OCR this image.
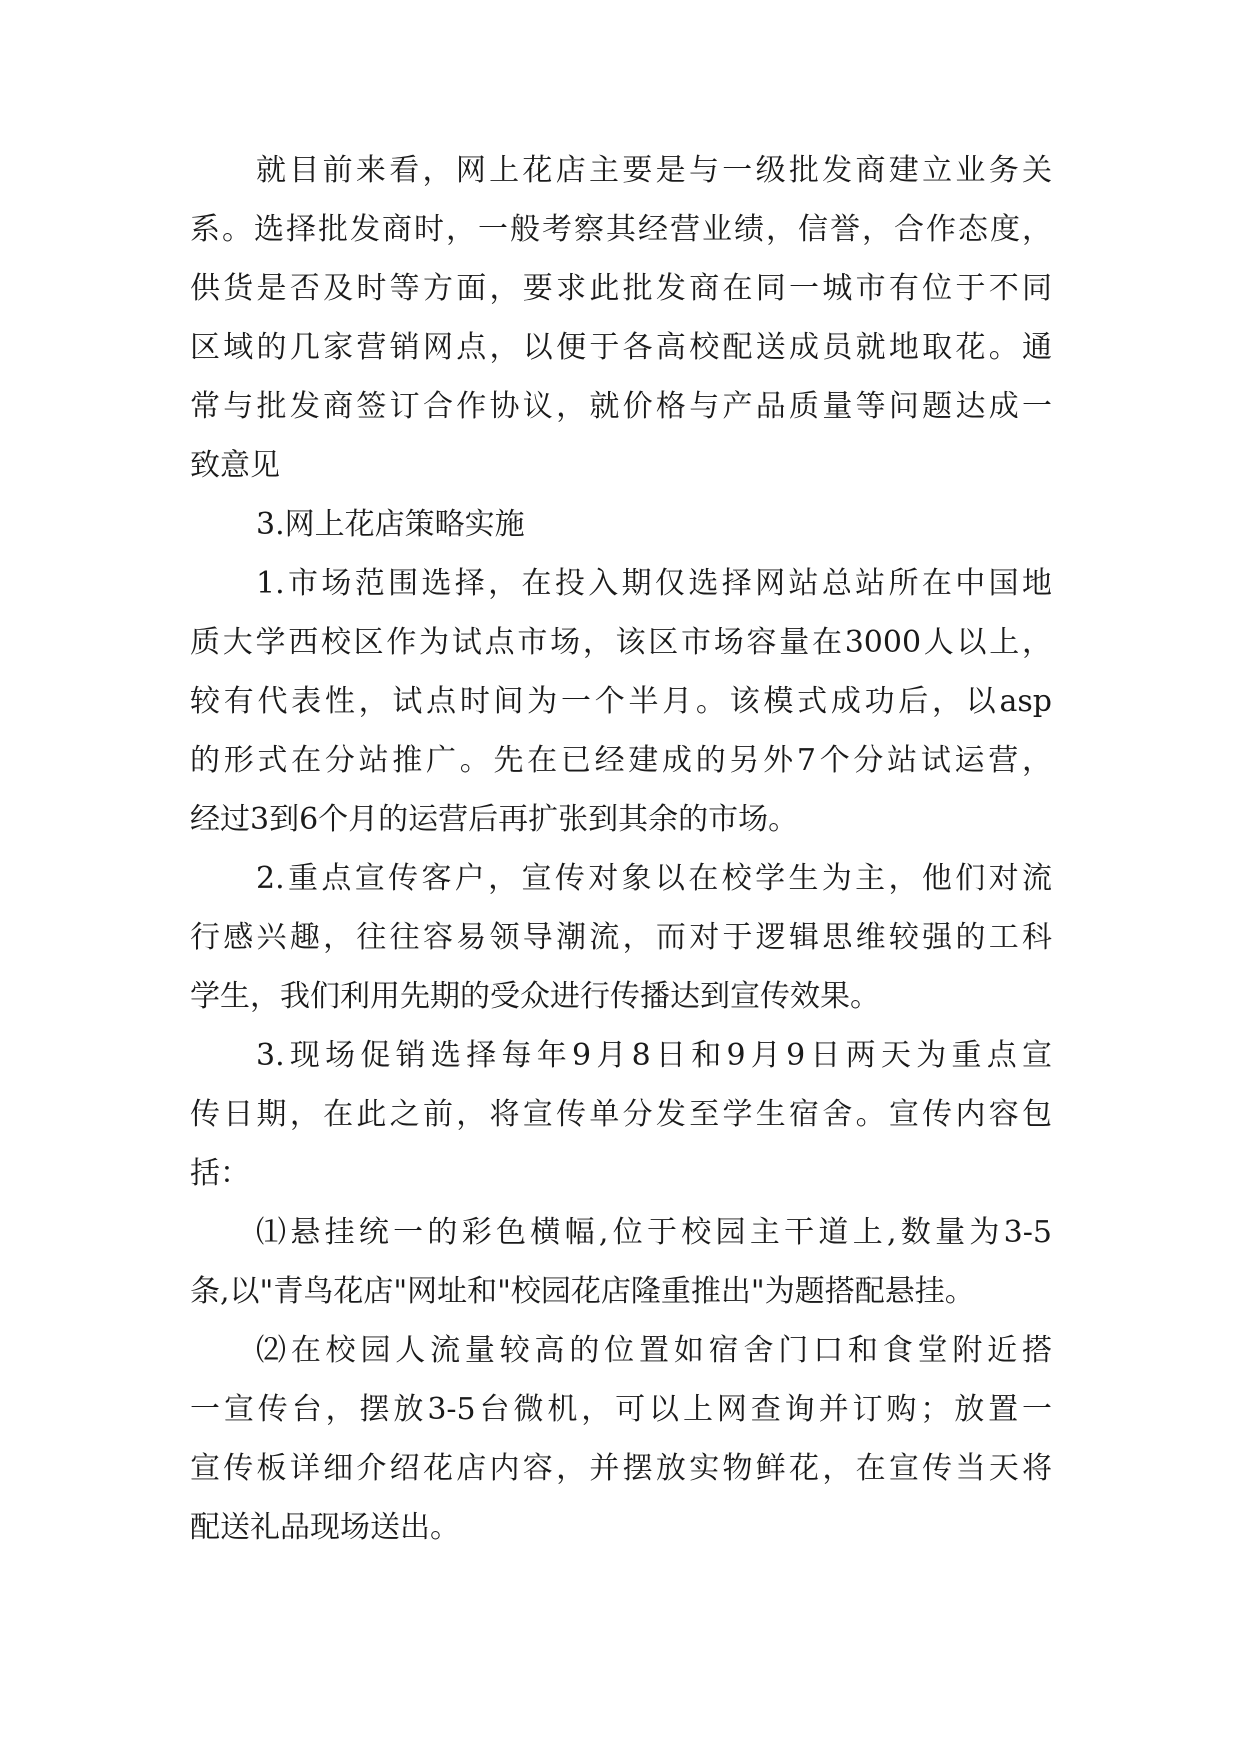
就目前来看，网上花店主要是与一级批发商建立业务关
系。选择批发商时，一般考察其经营业绩，信誉，合作态度，
供货是否及时等方面，要求此批发商在同一城市有位于不同
区域的几家营销网点，以便于各高校配送成员就地取花。通
常与批发商签订合作协议，就价格与产品质量等问题达成一
致意见
3.网上花店策略实施
1.市场范围选择，在投入期仅选择网站总站所在中国地
质大学西校区作为试点市场，该区市场容量在3000人以上，
较有代表性，试点时间为一个半月。该模式成功后，以asp
的形式在分站推广。先在已经建成的另外7个分站试运营，
经过3到6个月的运营后再扩张到其余的市场。
2.重点宣传客户，宣传对象以在校学生为主，他们对流
行感兴趣，往往容易领导潮流，而对于逻辑思维较强的工科
学生，我们利用先期的受众进行传播达到宣传效果。
3.现场促销选择每年9月8日和9月9日两天为重点宣
传日期，在此之前，将宣传单分发至学生宿舍。宣传内容包
括：
⑴悬挂统一的彩色横幅,位于校园主干道上,数量为3-5
条,以"青鸟花店"网址和"校园花店隆重推出"为题搭配悬挂。
⑵在校园人流量较高的位置如宿舍门口和食堂附近搭
一宣传台，摆放3-5台微机，可以上网查询并订购；放置一
宣传板详细介绍花店内容，并摆放实物鲜花，在宣传当天将
配送礼品现场送出。
